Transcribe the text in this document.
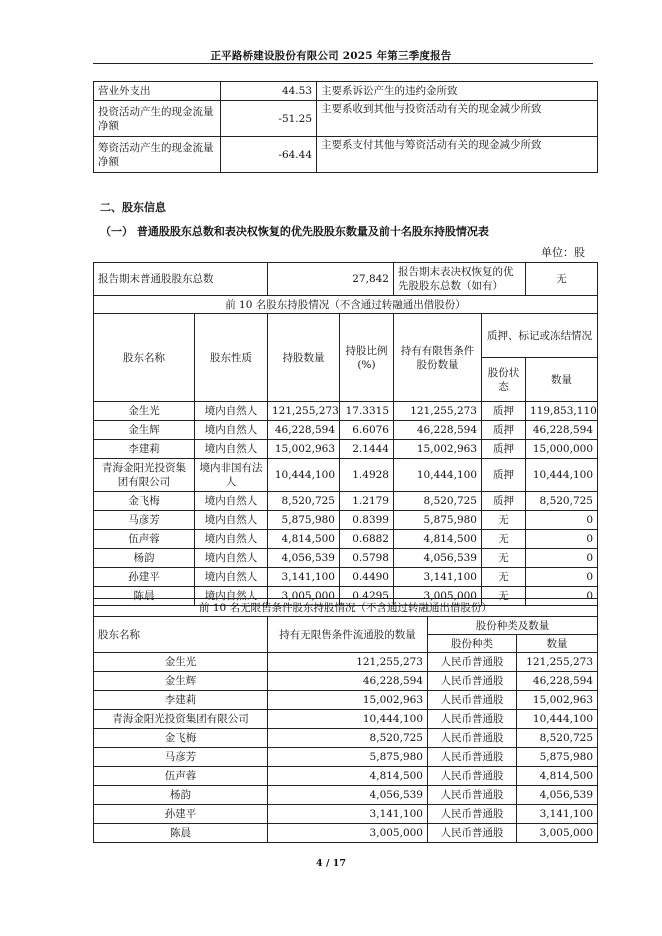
正平路桥建设股份有限公司 2025 年第三季度报告
营业外支出	44.53	主要系诉讼产生的违约金所致
投资活动产生的现金流量净额	-51.25	主要系收到其他与投资活动有关的现金减少所致
筹资活动产生的现金流量净额	-64.44	主要系支付其他与筹资活动有关的现金减少所致
二、股东信息
（一） 普通股股东总数和表决权恢复的优先股股东数量及前十名股东持股情况表
单位：股
报告期末普通股股东总数		27,842		报告期末表决权恢复的优先股股东总数（如有）		无
前 10 名股东持股情况（不含通过转融通出借股份）						
股东名称	股东性质	持股数量	持股比例(%)	持有有限售条件股份数量	质押、标记或冻结情况	
					股份状态	数量
金生光	境内自然人	121,255,273	17.3315	121,255,273	质押	119,853,110
金生辉	境内自然人	46,228,594	6.6076	46,228,594	质押	46,228,594
李建莉	境内自然人	15,002,963	2.1444	15,002,963	质押	15,000,000
青海金阳光投资集团有限公司	境内非国有法人	10,444,100	1.4928	10,444,100	质押	10,444,100
金飞梅	境内自然人	8,520,725	1.2179	8,520,725	质押	8,520,725
马彦芳	境内自然人	5,875,980	0.8399	5,875,980	无	0
伍声蓉	境内自然人	4,814,500	0.6882	4,814,500	无	0
杨韵	境内自然人	4,056,539	0.5798	4,056,539	无	0
孙建平	境内自然人	3,141,100	0.4490	3,141,100	无	0
陈晨	境内自然人	3,005,000	0.4295	3,005,000	无	0
前 10 名无限售条件股东持股情况（不含通过转融通出借股份）			
股东名称	持有无限售条件流通股的数量	股份种类及数量	
		股份种类	数量
金生光	121,255,273	人民币普通股	121,255,273
金生辉	46,228,594	人民币普通股	46,228,594
李建莉	15,002,963	人民币普通股	15,002,963
青海金阳光投资集团有限公司	10,444,100	人民币普通股	10,444,100
金飞梅	8,520,725	人民币普通股	8,520,725
马彦芳	5,875,980	人民币普通股	5,875,980
伍声蓉	4,814,500	人民币普通股	4,814,500
杨韵	4,056,539	人民币普通股	4,056,539
孙建平	3,141,100	人民币普通股	3,141,100
陈晨	3,005,000	人民币普通股	3,005,000
4 / 17
